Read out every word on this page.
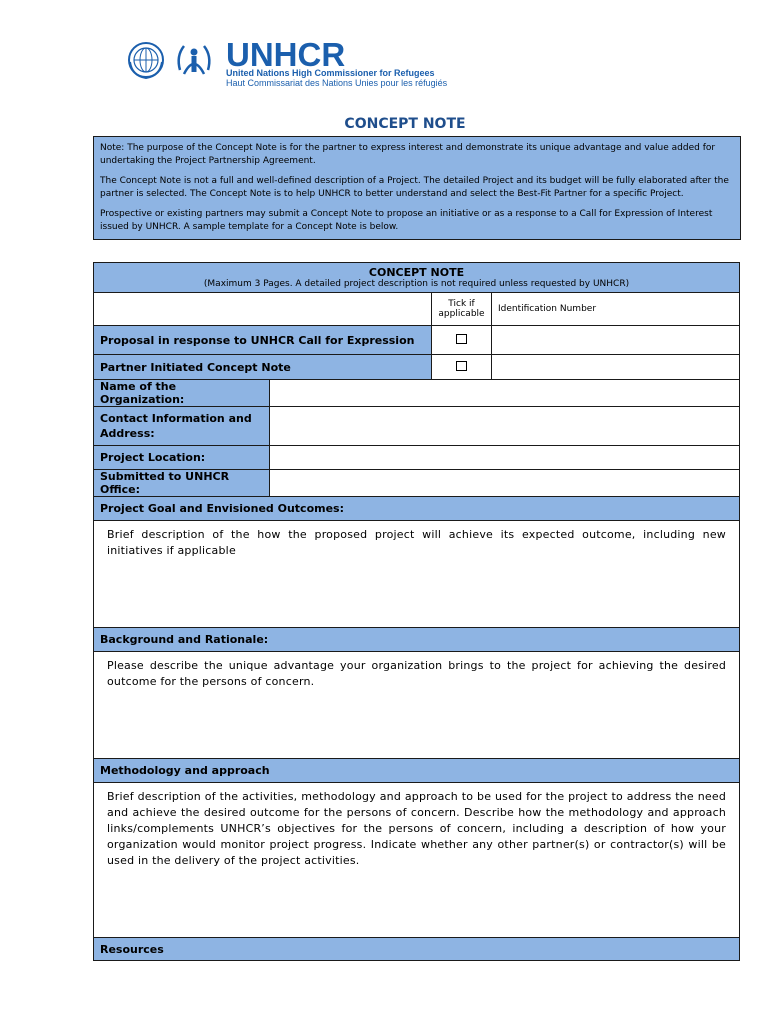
UNHCR
United Nations High Commissioner for Refugees
Haut Commissariat des Nations Unies pour les réfugiés
CONCEPT NOTE

Note: The purpose of the Concept Note is for the partner to express interest and demonstrate its unique advantage and value added for undertaking the Project Partnership Agreement.

The Concept Note is not a full and well-defined description of a Project. The detailed Project and its budget will be fully elaborated after the partner is selected. The Concept Note is to help UNHCR to better understand and select the Best-Fit Partner for a specific Project.

Prospective or existing partners may submit a Concept Note to propose an initiative or as a response to a Call for Expression of Interest issued by UNHCR. A sample template for a Concept Note is below.

CONCEPT NOTE
(Maximum 3 Pages. A detailed project description is not required unless requested by UNHCR)			

		Tick if applicable	Identification Number
Proposal in response to UNHCR Call for Expression			
Partner Initiated Concept Note			
Name of the Organization:			
Contact Information and Address:			
Project Location:			
Submitted to UNHCR Office:			
Project Goal and Envisioned Outcomes:			
Brief description of the how the proposed project will achieve its expected outcome, including new initiatives if applicable			
Background and Rationale:			
Please describe the unique advantage your organization brings to the project for achieving the desired outcome for the persons of concern.			
Methodology and approach			
Brief description of the activities, methodology and approach to be used for the project to address the need and achieve the desired outcome for the persons of concern. Describe how the methodology and approach links/complements UNHCR’s objectives for the persons of concern, including a description of how your organization would monitor project progress. Indicate whether any other partner(s) or contractor(s) will be used in the delivery of the project activities.			
Resources			
